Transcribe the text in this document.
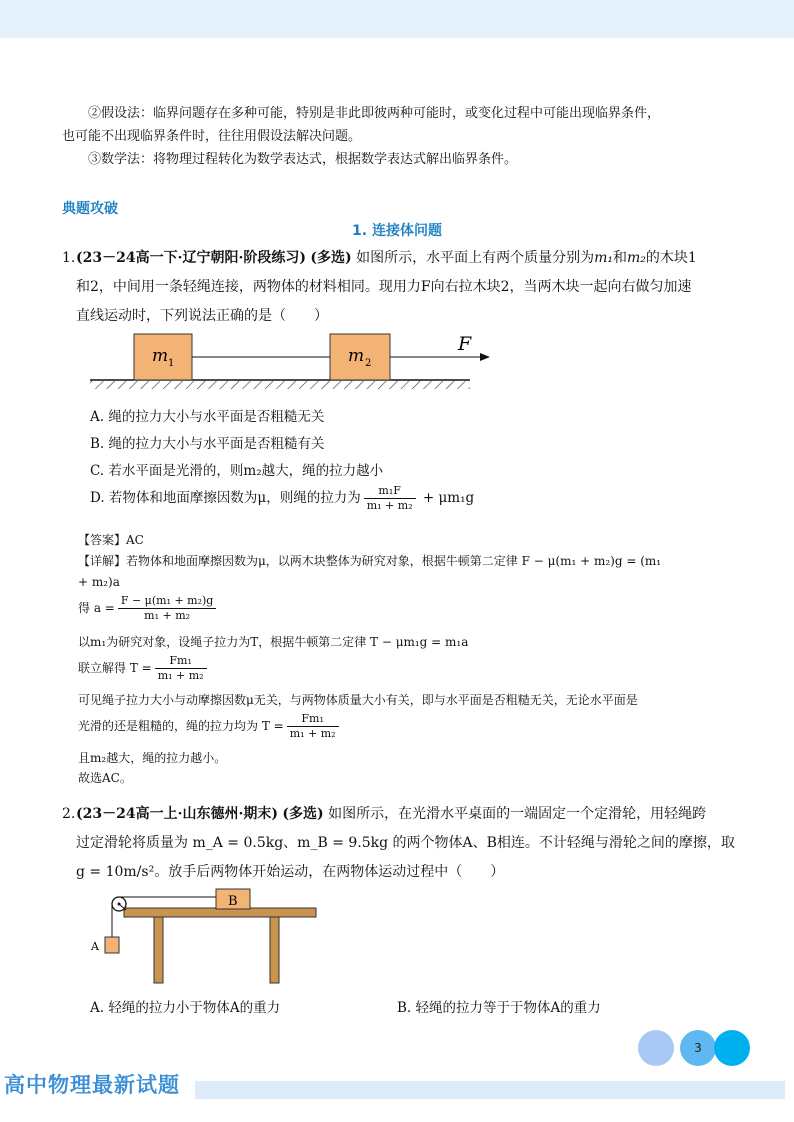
②假设法：临界问题存在多种可能，特别是非此即彼两种可能时，或变化过程中可能出现临界条件，
也可能不出现临界条件时，往往用假设法解决问题。
③数学法：将物理过程转化为数学表达式，根据数学表达式解出临界条件。
典题攻破
1. 连接体问题
1. (23－24高一下·辽宁朝阳·阶段练习) (多选) 如图所示，水平面上有两个质量分别为m₁和m₂的木块1
和2，中间用一条轻绳连接，两物体的材料相同。现用力F向右拉木块2，当两木块一起向右做匀加速
直线运动时，下列说法正确的是（　　）
m 1	m 2
F
A. 绳的拉力大小与水平面是否粗糙无关
B. 绳的拉力大小与水平面是否粗糙有关
C. 若水平面是光滑的，则m₂越大，绳的拉力越小
D. 若物体和地面摩擦因数为μ，则绳的拉力为 $\frac{\text{m₁F}}{\text{m₁ + m₂}} + \mu m_1g$
【答案】AC
【详解】若物体和地面摩擦因数为μ，以两木块整体为研究对象，根据牛顿第二定律 F − μ(m₁ + m₂)g = (m₁
+ m₂)a
得 $a = \frac{\text{F − μ(m₁ + m₂)g}}{\text{m₁ + m₂}}$
以m₁为研究对象，设绳子拉力为T，根据牛顿第二定律 T − μm₁g = m₁a
联立解得 $T = \frac{\text{Fm₁}}{\text{m₁ + m₂}}$
可见绳子拉力大小与动摩擦因数μ无关，与两物体质量大小有关，即与水平面是否粗糙无关，无论水平面是
光滑的还是粗糙的，绳的拉力均为 $T = \frac{\text{Fm₁}}{\text{m₁ + m₂}}$
且m₂越大，绳的拉力越小。
故选AC。
2. (23－24高一上·山东德州·期末) (多选) 如图所示，在光滑水平桌面的一端固定一个定滑轮，用轻绳跨
过定滑轮将质量为 m_A = 0.5kg、m_B = 9.5kg 的两个物体A、B相连。不计轻绳与滑轮之间的摩擦，取
g = 10m/s²。放手后两物体开始运动，在两物体运动过程中（　　）
B
A
A. 轻绳的拉力小于物体A的重力	B. 轻绳的拉力等于于物体A的重力
3
高中物理最新试题
